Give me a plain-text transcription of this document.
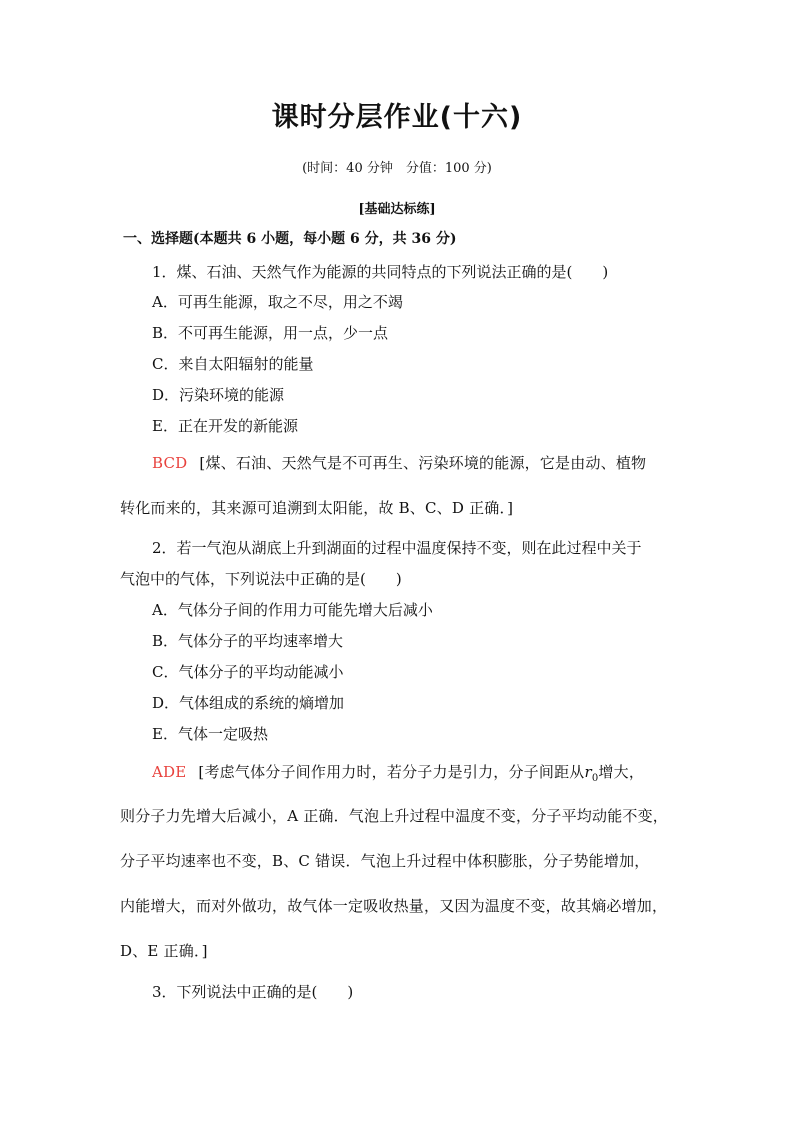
课时分层作业(十六)
(时间：40 分钟　分值：100 分)
[基础达标练]
一、选择题(本题共 6 小题，每小题 6 分，共 36 分)
1．煤、石油、天然气作为能源的共同特点的下列说法正确的是(　　)
A．可再生能源，取之不尽，用之不竭
B．不可再生能源，用一点，少一点
C．来自太阳辐射的能量
D．污染环境的能源
E．正在开发的新能源
BCD [煤、石油、天然气是不可再生、污染环境的能源，它是由动、植物
转化而来的，其来源可追溯到太阳能，故 B、C、D 正确．]
2．若一气泡从湖底上升到湖面的过程中温度保持不变，则在此过程中关于
气泡中的气体，下列说法中正确的是(　　)
A．气体分子间的作用力可能先增大后减小
B．气体分子的平均速率增大
C．气体分子的平均动能减小
D．气体组成的系统的熵增加
E．气体一定吸热
ADE [考虑气体分子间作用力时，若分子力是引力，分子间距从$r_0$增大，
则分子力先增大后减小，A 正确．气泡上升过程中温度不变，分子平均动能不变，
分子平均速率也不变，B、C 错误．气泡上升过程中体积膨胀，分子势能增加，
内能增大，而对外做功，故气体一定吸收热量，又因为温度不变，故其熵必增加，
D、E 正确．]
3．下列说法中正确的是(　　)
